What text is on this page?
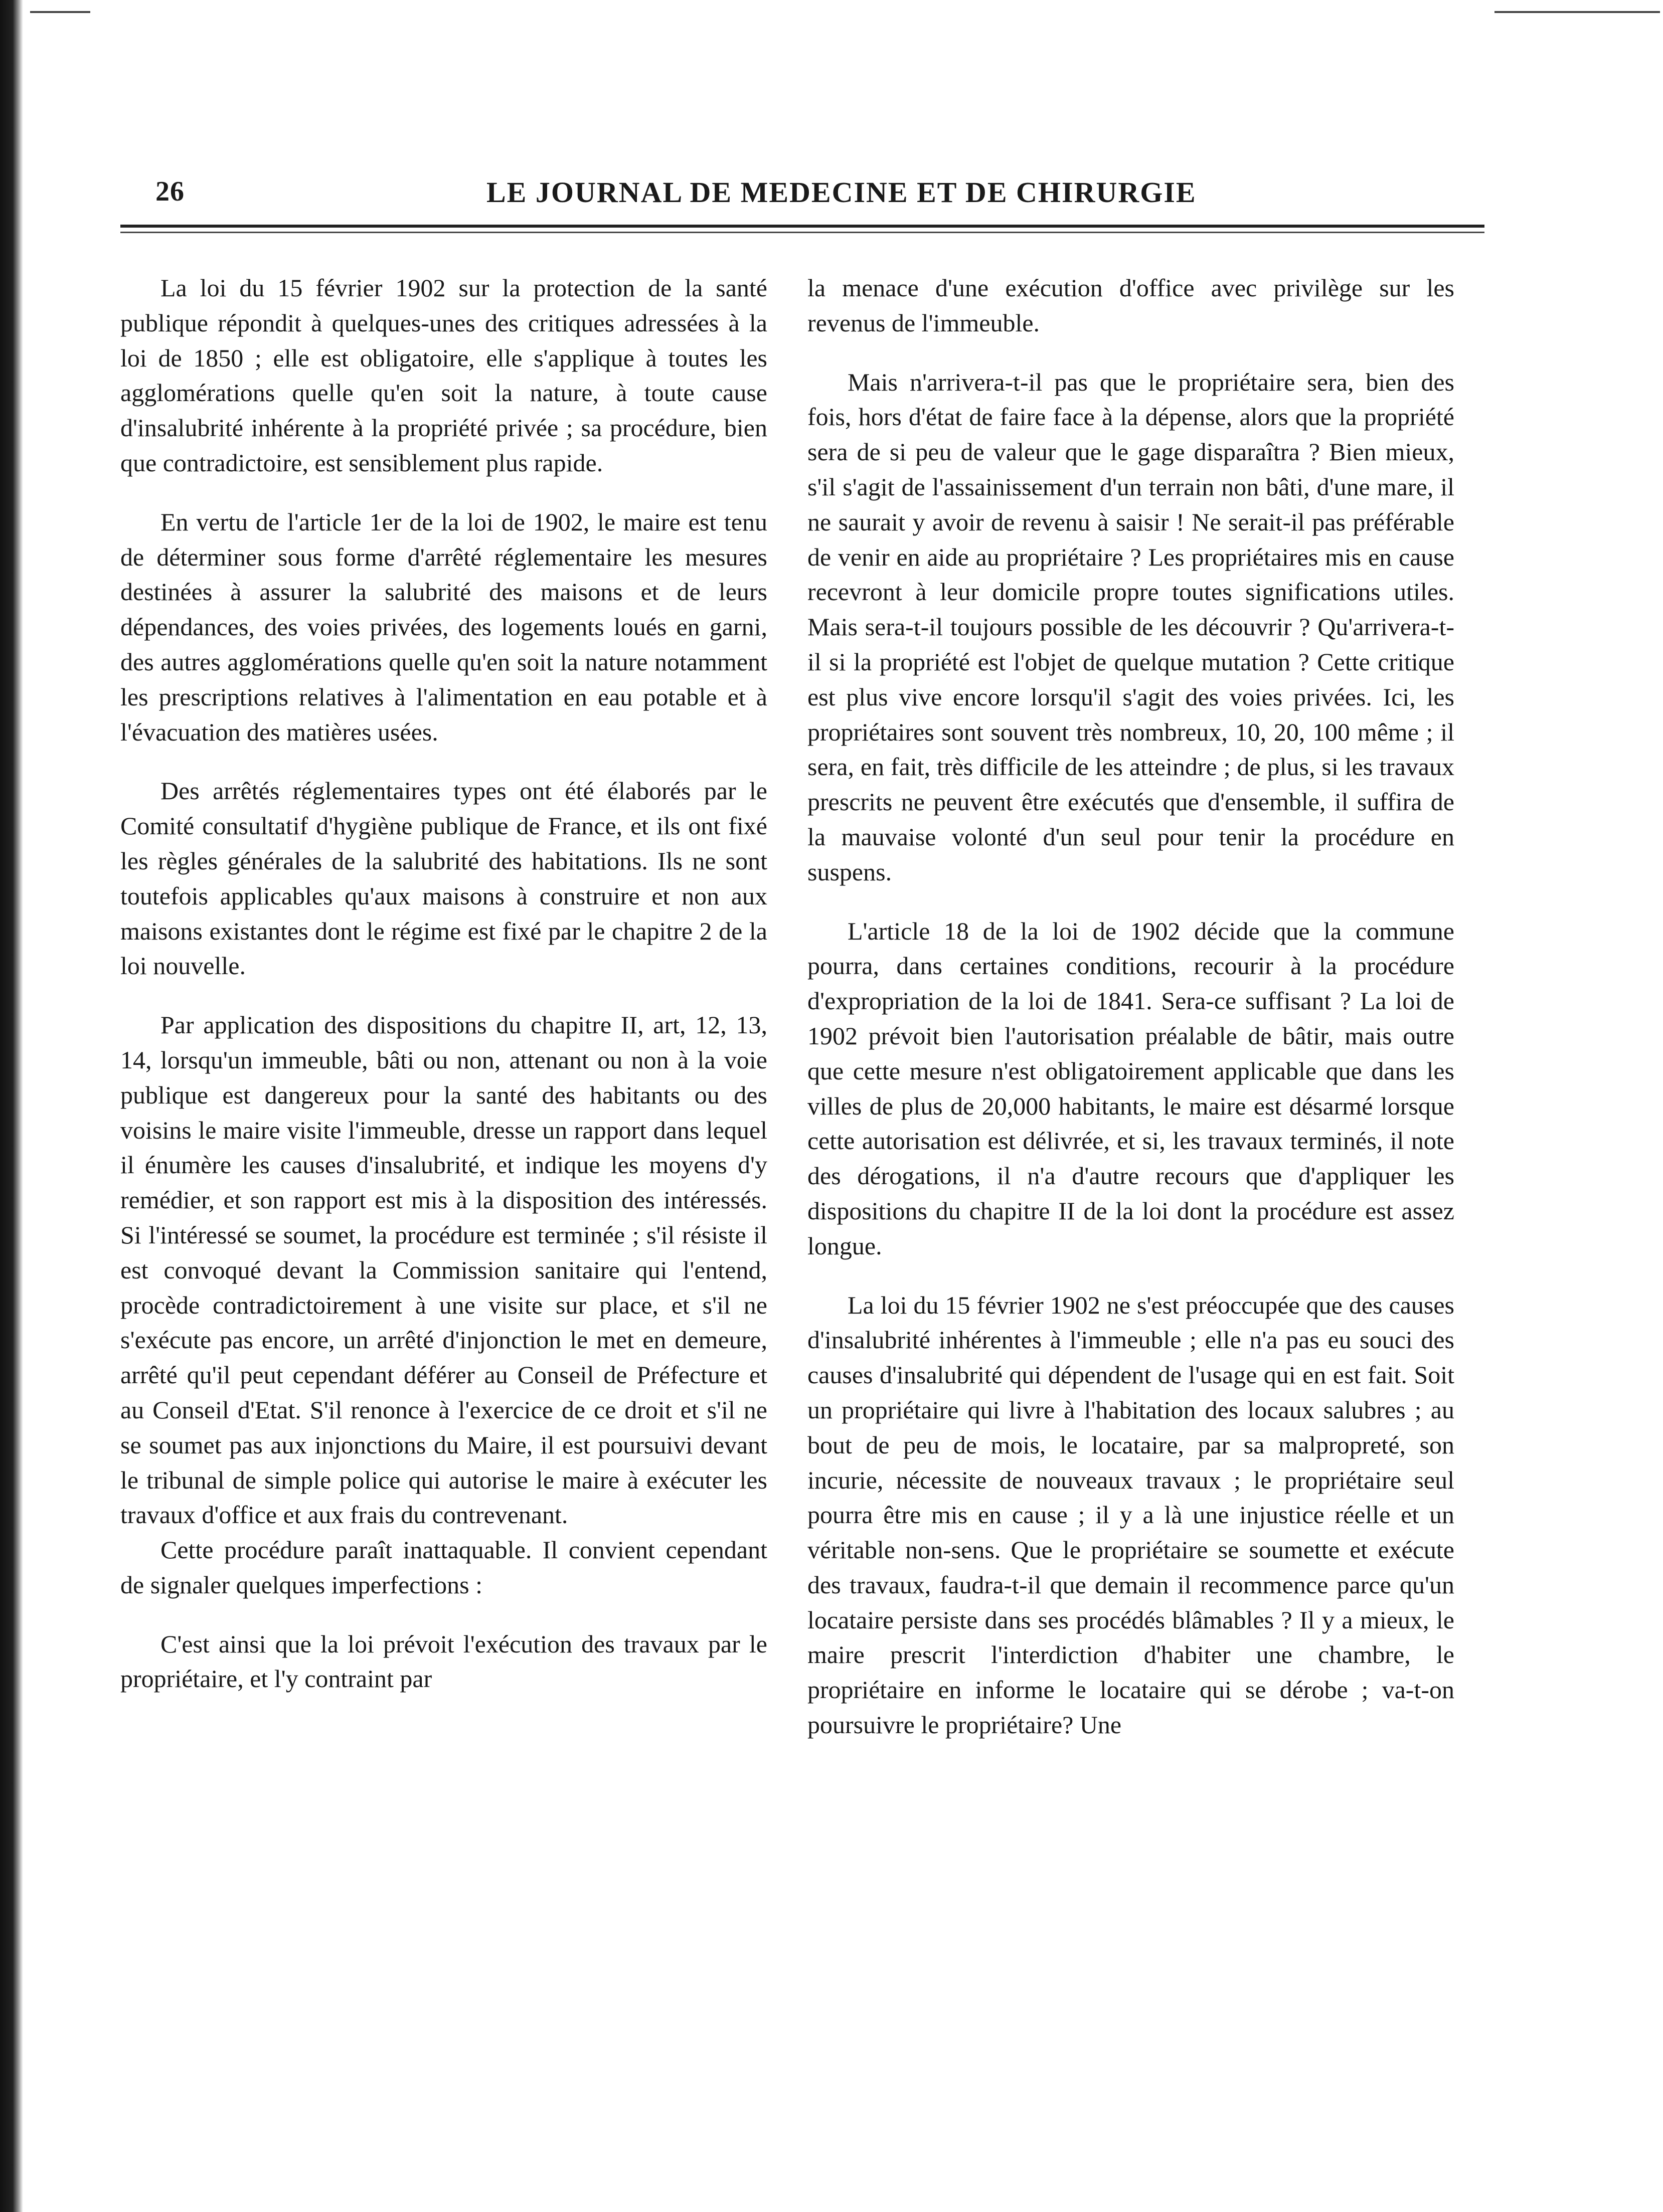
26	LE JOURNAL DE MEDECINE ET DE CHIRURGIE

La loi du 15 février 1902 sur la protection de la santé publique répondit à quelques-unes des critiques adressées à la loi de 1850 ; elle est obligatoire, elle s'applique à toutes les agglomérations quelle qu'en soit la nature, à toute cause d'insalubrité inhérente à la propriété privée ; sa procédure, bien que contradictoire, est sensiblement plus rapide.

En vertu de l'article 1er de la loi de 1902, le maire est tenu de déterminer sous forme d'arrêté réglementaire les mesures destinées à assurer la salubrité des maisons et de leurs dépendances, des voies privées, des logements loués en garni, des autres agglomérations quelle qu'en soit la nature notamment les prescriptions relatives à l'alimentation en eau potable et à l'évacuation des matières usées.

Des arrêtés réglementaires types ont été élaborés par le Comité consultatif d'hygiène publique de France, et ils ont fixé les règles générales de la salubrité des habitations. Ils ne sont toutefois applicables qu'aux maisons à construire et non aux maisons existantes dont le régime est fixé par le chapitre 2 de la loi nouvelle.

Par application des dispositions du chapitre II, art, 12, 13, 14, lorsqu'un immeuble, bâti ou non, attenant ou non à la voie publique est dangereux pour la santé des habitants ou des voisins le maire visite l'immeuble, dresse un rapport dans lequel il énumère les causes d'insalubrité, et indique les moyens d'y remédier, et son rapport est mis à la disposition des intéressés. Si l'intéressé se soumet, la procédure est terminée ; s'il résiste il est convoqué devant la Commission sanitaire qui l'entend, procède contradictoirement à une visite sur place, et s'il ne s'exécute pas encore, un arrêté d'injonction le met en demeure, arrêté qu'il peut cependant déférer au Conseil de Préfecture et au Conseil d'Etat. S'il renonce à l'exercice de ce droit et s'il ne se soumet pas aux injonctions du Maire, il est poursuivi devant le tribunal de simple police qui autorise le maire à exécuter les travaux d'office et aux frais du contrevenant.

Cette procédure paraît inattaquable. Il convient cependant de signaler quelques imperfections :

C'est ainsi que la loi prévoit l'exécution des travaux par le propriétaire, et l'y contraint par

la menace d'une exécution d'office avec privilège sur les revenus de l'immeuble.

Mais n'arrivera-t-il pas que le propriétaire sera, bien des fois, hors d'état de faire face à la dépense, alors que la propriété sera de si peu de valeur que le gage disparaîtra ? Bien mieux, s'il s'agit de l'assainissement d'un terrain non bâti, d'une mare, il ne saurait y avoir de revenu à saisir ! Ne serait-il pas préférable de venir en aide au propriétaire ? Les propriétaires mis en cause recevront à leur domicile propre toutes significations utiles. Mais sera-t-il toujours possible de les découvrir ? Qu'arrivera-t-il si la propriété est l'objet de quelque mutation ? Cette critique est plus vive encore lorsqu'il s'agit des voies privées. Ici, les propriétaires sont souvent très nombreux, 10, 20, 100 même ; il sera, en fait, très difficile de les atteindre ; de plus, si les travaux prescrits ne peuvent être exécutés que d'ensemble, il suffira de la mauvaise volonté d'un seul pour tenir la procédure en suspens.

L'article 18 de la loi de 1902 décide que la commune pourra, dans certaines conditions, recourir à la procédure d'expropriation de la loi de 1841. Sera-ce suffisant ? La loi de 1902 prévoit bien l'autorisation préalable de bâtir, mais outre que cette mesure n'est obligatoirement applicable que dans les villes de plus de 20,000 habitants, le maire est désarmé lorsque cette autorisation est délivrée, et si, les travaux terminés, il note des dérogations, il n'a d'autre recours que d'appliquer les dispositions du chapitre II de la loi dont la procédure est assez longue.

La loi du 15 février 1902 ne s'est préoccupée que des causes d'insalubrité inhérentes à l'immeuble ; elle n'a pas eu souci des causes d'insalubrité qui dépendent de l'usage qui en est fait. Soit un propriétaire qui livre à l'habitation des locaux salubres ; au bout de peu de mois, le locataire, par sa malpropreté, son incurie, nécessite de nouveaux travaux ; le propriétaire seul pourra être mis en cause ; il y a là une injustice réelle et un véritable non-sens. Que le propriétaire se soumette et exécute des travaux, faudra-t-il que demain il recommence parce qu'un locataire persiste dans ses procédés blâmables ? Il y a mieux, le maire prescrit l'interdiction d'habiter une chambre, le propriétaire en informe le locataire qui se dérobe ; va-t-on poursuivre le propriétaire? Une
